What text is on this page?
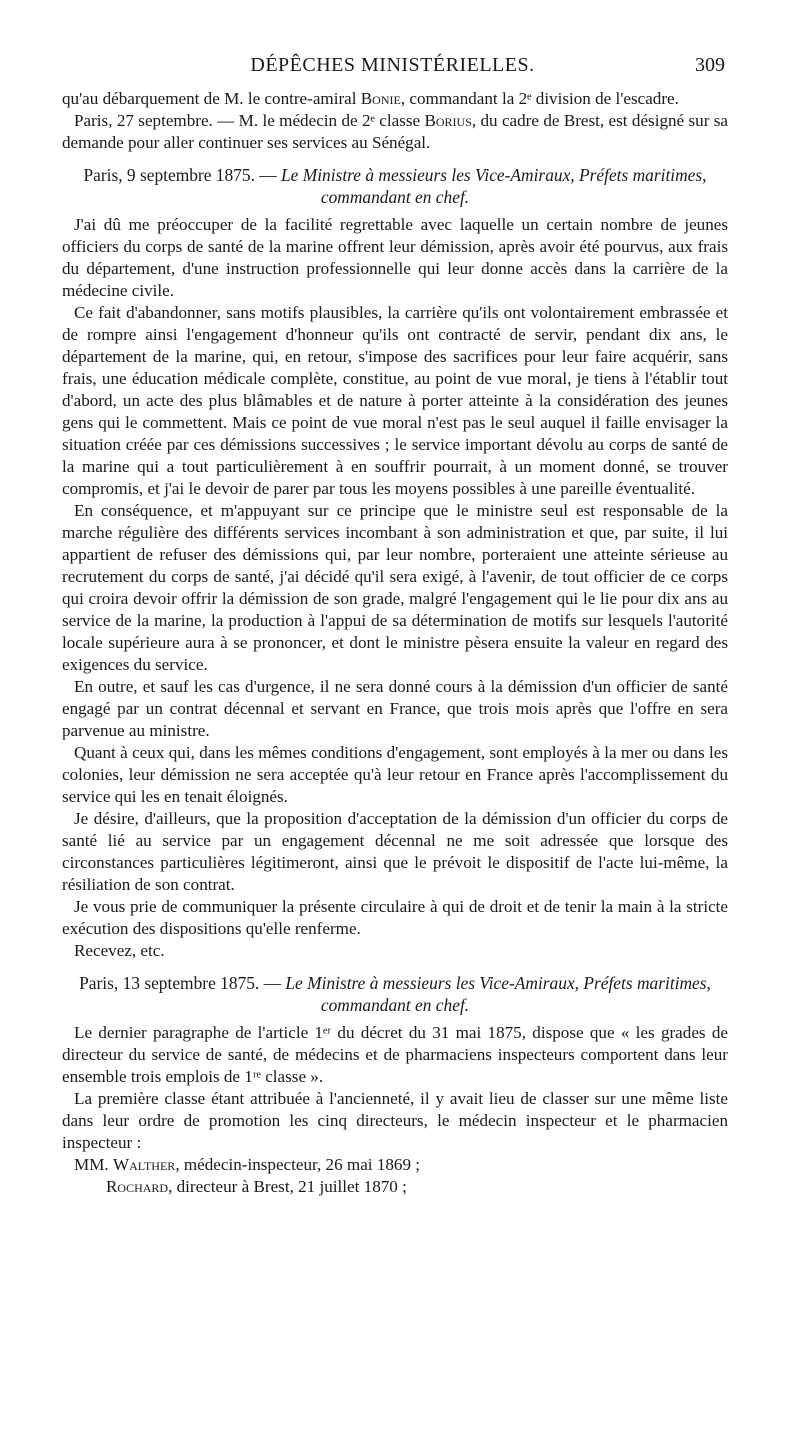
DÉPÊCHES MINISTÉRIELLES.	309

qu'au débarquement de M. le contre-amiral Bonie, commandant la 2ᵉ division de l'escadre.

Paris, 27 septembre. — M. le médecin de 2ᵉ classe Borius, du cadre de Brest, est désigné sur sa demande pour aller continuer ses services au Sénégal.

Paris, 9 septembre 1875. — Le Ministre à messieurs les Vice-Amiraux, Préfets maritimes, commandant en chef.

J'ai dû me préoccuper de la facilité regrettable avec laquelle un certain nombre de jeunes officiers du corps de santé de la marine offrent leur démission, après avoir été pourvus, aux frais du département, d'une instruction professionnelle qui leur donne accès dans la carrière de la médecine civile.

Ce fait d'abandonner, sans motifs plausibles, la carrière qu'ils ont volontairement embrassée et de rompre ainsi l'engagement d'honneur qu'ils ont contracté de servir, pendant dix ans, le département de la marine, qui, en retour, s'impose des sacrifices pour leur faire acquérir, sans frais, une éducation médicale complète, constitue, au point de vue moral, je tiens à l'établir tout d'abord, un acte des plus blâmables et de nature à porter atteinte à la considération des jeunes gens qui le commettent. Mais ce point de vue moral n'est pas le seul auquel il faille envisager la situation créée par ces démissions successives ; le service important dévolu au corps de santé de la marine qui a tout particulièrement à en souffrir pourrait, à un moment donné, se trouver compromis, et j'ai le devoir de parer par tous les moyens possibles à une pareille éventualité.

En conséquence, et m'appuyant sur ce principe que le ministre seul est responsable de la marche régulière des différents services incombant à son administration et que, par suite, il lui appartient de refuser des démissions qui, par leur nombre, porteraient une atteinte sérieuse au recrutement du corps de santé, j'ai décidé qu'il sera exigé, à l'avenir, de tout officier de ce corps qui croira devoir offrir la démission de son grade, malgré l'engagement qui le lie pour dix ans au service de la marine, la production à l'appui de sa détermination de motifs sur lesquels l'autorité locale supérieure aura à se prononcer, et dont le ministre pèsera ensuite la valeur en regard des exigences du service.

En outre, et sauf les cas d'urgence, il ne sera donné cours à la démission d'un officier de santé engagé par un contrat décennal et servant en France, que trois mois après que l'offre en sera parvenue au ministre.

Quant à ceux qui, dans les mêmes conditions d'engagement, sont employés à la mer ou dans les colonies, leur démission ne sera acceptée qu'à leur retour en France après l'accomplissement du service qui les en tenait éloignés.

Je désire, d'ailleurs, que la proposition d'acceptation de la démission d'un officier du corps de santé lié au service par un engagement décennal ne me soit adressée que lorsque des circonstances particulières légitimeront, ainsi que le prévoit le dispositif de l'acte lui-même, la résiliation de son contrat.

Je vous prie de communiquer la présente circulaire à qui de droit et de tenir la main à la stricte exécution des dispositions qu'elle renferme.

Recevez, etc.

Paris, 13 septembre 1875. — Le Ministre à messieurs les Vice-Amiraux, Préfets maritimes, commandant en chef.

Le dernier paragraphe de l'article 1ᵉʳ du décret du 31 mai 1875, dispose que « les grades de directeur du service de santé, de médecins et de pharmaciens inspecteurs comportent dans leur ensemble trois emplois de 1ʳᵉ classe ».

La première classe étant attribuée à l'ancienneté, il y avait lieu de classer sur une même liste dans leur ordre de promotion les cinq directeurs, le médecin inspecteur et le pharmacien inspecteur :

MM. Walther, médecin-inspecteur, 26 mai 1869 ;

Rochard, directeur à Brest, 21 juillet 1870 ;
